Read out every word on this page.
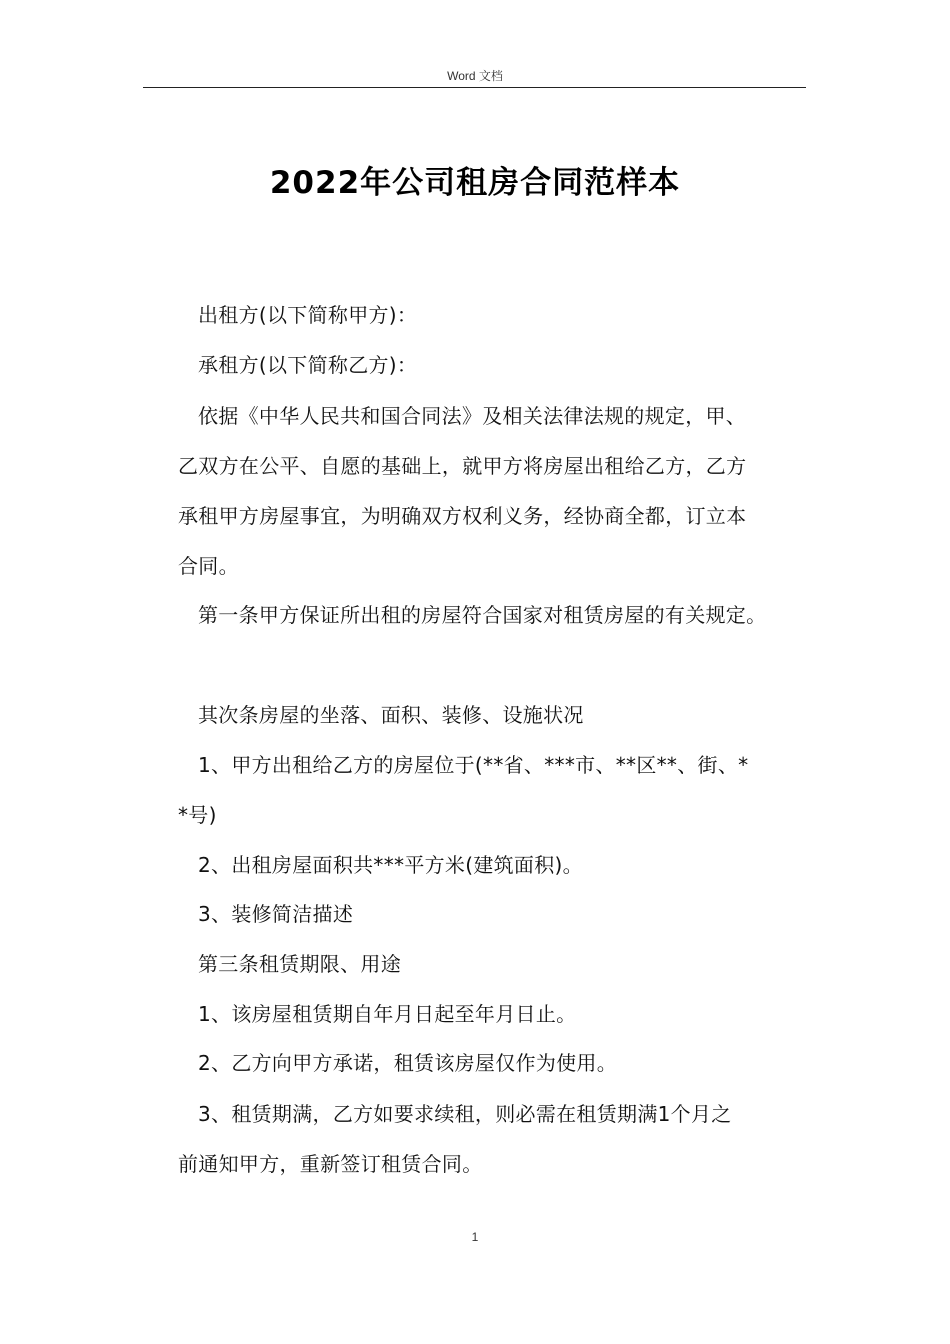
Word 文档
2022年公司租房合同范样本
出租方(以下简称甲方)：
承租方(以下简称乙方)：
依据《中华人民共和国合同法》及相关法律法规的规定，甲、
乙双方在公平、自愿的基础上，就甲方将房屋出租给乙方，乙方
承租甲方房屋事宜，为明确双方权利义务，经协商全都，订立本
合同。
第一条甲方保证所出租的房屋符合国家对租赁房屋的有关规定。
其次条房屋的坐落、面积、装修、设施状况
1、甲方出租给乙方的房屋位于(**省、***市、**区**、街、*
*号)
2、出租房屋面积共***平方米(建筑面积)。
3、装修简洁描述
第三条租赁期限、用途
1、该房屋租赁期自年月日起至年月日止。
2、乙方向甲方承诺，租赁该房屋仅作为使用。
3、租赁期满，乙方如要求续租，则必需在租赁期满1个月之
前通知甲方，重新签订租赁合同。
1
